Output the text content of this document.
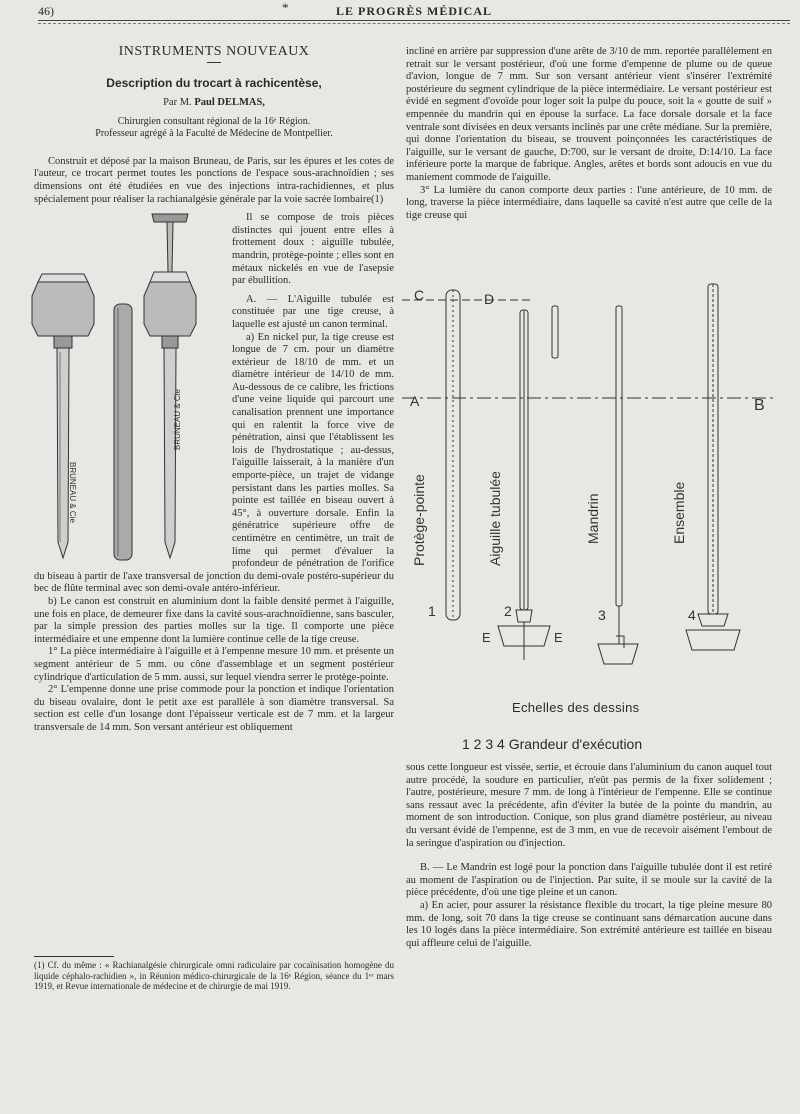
46)	*	LE PROGRÈS MÉDICAL
INSTRUMENTS NOUVEAUX
Description du trocart à rachicentèse,
Par M. Paul DELMAS,
Chirurgien consultant régional de la 16ᵉ Région.
Professeur agrégé à la Faculté de Médecine de Montpellier.

Construit et déposé par la maison Bruneau, de Paris, sur les épures et les cotes de l'auteur, ce trocart permet toutes les ponctions de l'espace sous-arachnoïdien ; ses dimensions ont été étudiées en vue des injections intra-rachidiennes, et plus spécialement pour réaliser la rachianalgésie générale par la voie sacrée lombaire(1)

BRUNEAU & Cie
BRUNEAU & Cie

Il se compose de trois pièces distinctes qui jouent entre elles à frottement doux : aiguille tubulée, mandrin, protège-pointe ; elles sont en métaux nickelés en vue de l'asepsie par ébullition.

A. — L'Aiguille tubulée est constituée par une tige creuse, à laquelle est ajusté un canon terminal.

a) En nickel pur, la tige creuse est longue de 7 cm. pour un diamètre extérieur de 18/10 de mm. et un diamètre intérieur de 14/10 de mm. Au-dessous de ce calibre, les frictions d'une veine liquide qui parcourt une canalisation prennent une importance qui en ralentit la force vive de pénétration, ainsi que l'établissent les lois de l'hydrostatique ; au-dessus, l'aiguille laisserait, à la manière d'un emporte-pièce, un trajet de vidange persistant dans les parties molles. Sa pointe est taillée en biseau ouvert à 45°, à ouverture dorsale. Enfin la génératrice supérieure offre de centimètre en centimètre, un trait de lime qui permet d'évaluer la profondeur de pénétration de l'orifice du biseau à partir de l'axe transversal de jonction du demi-ovale postéro-supérieur du bec de flûte terminal avec son demi-ovale antéro-inférieur.

b) Le canon est construit en aluminium dont la faible densité permet à l'aiguille, une fois en place, de demeurer fixe dans la cavité sous-arachnoïdienne, sans basculer, par la simple pression des parties molles sur la tige. Il comporte une pièce intermédiaire et une empenne dont la lumière continue celle de la tige creuse.

1° La pièce intermédiaire à l'aiguille et à l'empenne mesure 10 mm. et présente un segment antérieur de 5 mm. ou cône d'assemblage et un segment postérieur cylindrique d'articulation de 5 mm. aussi, sur lequel viendra serrer le protège-pointe.

2° L'empenne donne une prise commode pour la ponction et indique l'orientation du biseau ovalaire, dont le petit axe est parallèle à son diamètre transversal. Sa section est celle d'un losange dont l'épaisseur verticale est de 7 mm. et la largeur transversale de 14 mm. Son versant antérieur est obliquement

(1) Cf. du même : « Rachianalgésie chirurgicale omni radiculaire par cocaïnisation homogène du liquide céphalo-rachidien », in Réunion médico-chirurgicale de la 16ᵉ Région, séance du 1ᵉʳ mars 1919, et Revue internationale de médecine et de chirurgie de mai 1919.

incliné en arrière par suppression d'une arête de 3/10 de mm. reportée parallèlement en retrait sur le versant postérieur, d'où une forme d'empenne de plume ou de queue d'avion, longue de 7 mm. Sur son versant antérieur vient s'insérer l'extrémité postérieure du segment cylindrique de la pièce intermédiaire. Le versant postérieur est évidé en segment d'ovoïde pour loger soit la pulpe du pouce, soit la « goutte de suif » empennée du mandrin qui en épouse la surface. La face dorsale dorsale et la face ventrale sont divisées en deux versants inclinés par une crête médiane. Sur la première, qui donne l'orientation du biseau, se trouvent poinçonnées les caractéristiques de l'aiguille, sur le versant de gauche, D:700, sur le versant de droite, D:14/10. La face inférieure porte la marque de fabrique. Angles, arêtes et bords sont adoucis en vue du maniement commode de l'aiguille.

3° La lumière du canon comporte deux parties : l'une antérieure, de 10 mm. de long, traverse la pièce intermédiaire, dans laquelle sa cavité n'est autre que celle de la tige creuse qui

C	D
A	B
E	E
Protège-pointe	Aiguille tubulée	Mandrin	Ensemble
1	2	3	4
Echelles des dessins
1 2 3 4 Grandeur d'exécution

sous cette longueur est vissée, sertie, et écrouie dans l'aluminium du canon auquel tout autre procédé, la soudure en particulier, n'eût pas permis de la fixer solidement ; l'autre, postérieure, mesure 7 mm. de long à l'intérieur de l'empenne. Elle se continue sans ressaut avec la précédente, afin d'éviter la butée de la pointe du mandrin, au moment de son introduction. Conique, son plus grand diamètre postérieur, au niveau du versant évidé de l'empenne, est de 3 mm, en vue de recevoir aisément l'embout de la seringue d'aspiration ou d'injection.

B. — Le Mandrin est logé pour la ponction dans l'aiguille tubulée dont il est retiré au moment de l'aspiration ou de l'injection. Par suite, il se moule sur la cavité de la pièce précédente, d'où une tige pleine et un canon.

a) En acier, pour assurer la résistance flexible du trocart, la tige pleine mesure 80 mm. de long, soit 70 dans la tige creuse se continuant sans démarcation aucune dans les 10 logés dans la pièce intermédiaire. Son extrémité antérieure est taillée en biseau qui affleure celui de l'aiguille.
